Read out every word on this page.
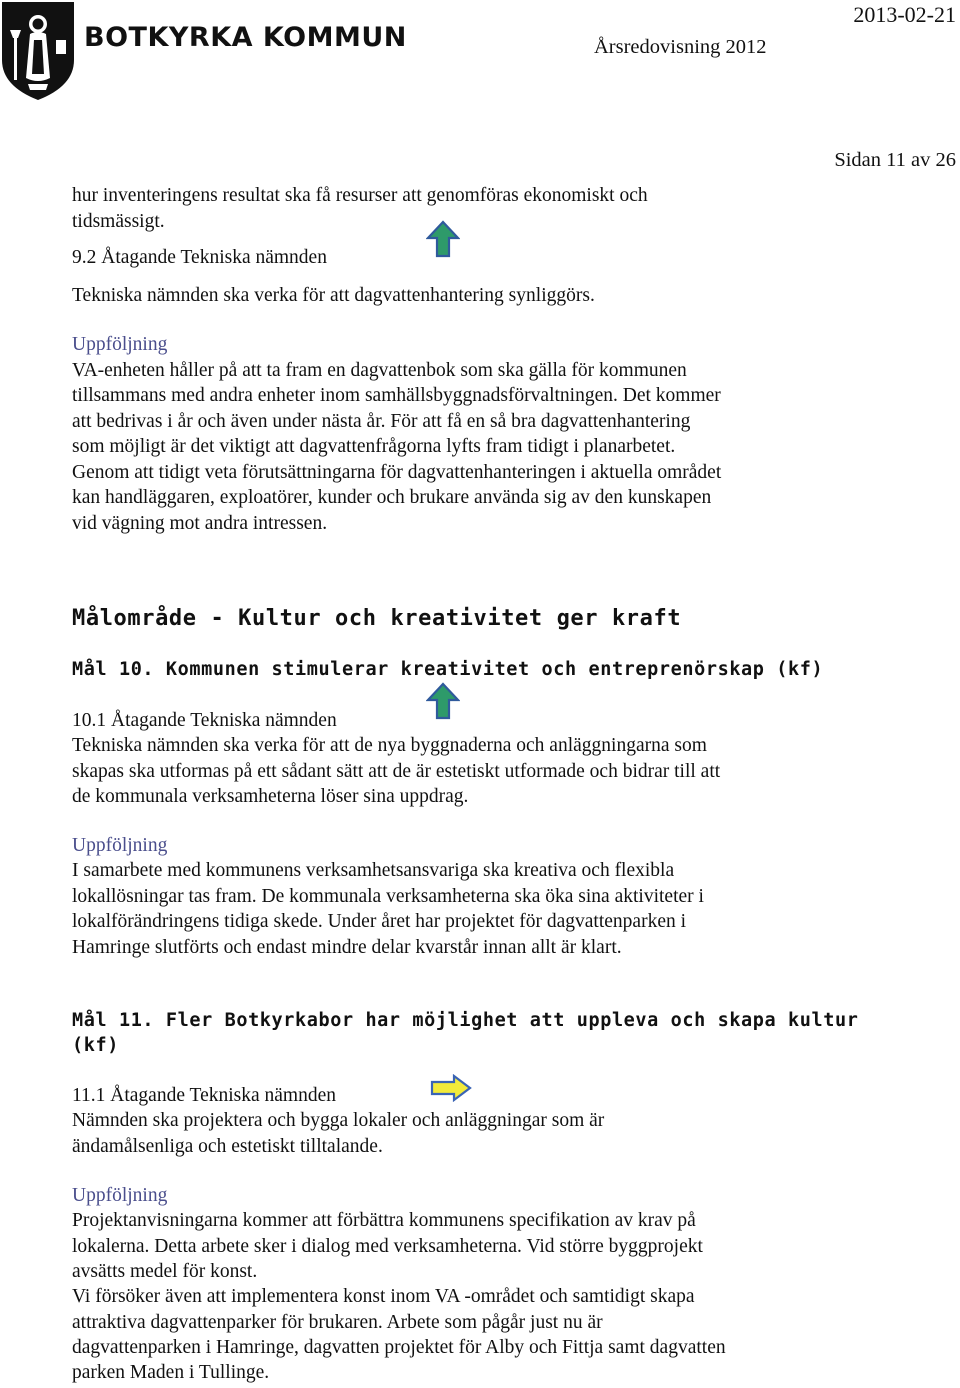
BOTKYRKA KOMMUN
2013-02-21
Årsredovisning 2012
Sidan 11 av 26
hur inventeringens resultat ska få resurser att genomföras ekonomiskt och
tidsmässigt.
9.2 Åtagande Tekniska nämnden
Tekniska nämnden ska verka för att dagvattenhantering synliggörs.
Uppföljning
VA-enheten håller på att ta fram en dagvattenbok som ska gälla för kommunen
tillsammans med andra enheter inom samhällsbyggnadsförvaltningen. Det kommer
att bedrivas i år och även under nästa år. För att få en så bra dagvattenhantering
som möjligt är det viktigt att dagvattenfrågorna lyfts fram tidigt i planarbetet.
Genom att tidigt veta förutsättningarna för dagvattenhanteringen i aktuella området
kan handläggaren, exploatörer, kunder och brukare använda sig av den kunskapen
vid vägning mot andra intressen.
Målområde - Kultur och kreativitet ger kraft
Mål 10. Kommunen stimulerar kreativitet och entreprenörskap (kf)
10.1 Åtagande Tekniska nämnden
Tekniska nämnden ska verka för att de nya byggnaderna och anläggningarna som
skapas ska utformas på ett sådant sätt att de är estetiskt utformade och bidrar till att
de kommunala verksamheterna löser sina uppdrag.
Uppföljning
I samarbete med kommunens verksamhetsansvariga ska kreativa och flexibla
lokallösningar tas fram. De kommunala verksamheterna ska öka sina aktiviteter i
lokalförändringens tidiga skede. Under året har projektet för dagvattenparken i
Hamringe slutförts och endast mindre delar kvarstår innan allt är klart.
Mål 11. Fler Botkyrkabor har möjlighet att uppleva och skapa kultur
(kf)
11.1 Åtagande Tekniska nämnden
Nämnden ska projektera och bygga lokaler och anläggningar som är
ändamålsenliga och estetiskt tilltalande.
Uppföljning
Projektanvisningarna kommer att förbättra kommunens specifikation av krav på
lokalerna. Detta arbete sker i dialog med verksamheterna. Vid större byggprojekt
avsätts medel för konst.
Vi försöker även att implementera konst inom VA -området och samtidigt skapa
attraktiva dagvattenparker för brukaren. Arbete som pågår just nu är
dagvattenparken i Hamringe, dagvatten projektet för Alby och Fittja samt dagvatten
parken Maden i Tullinge.
